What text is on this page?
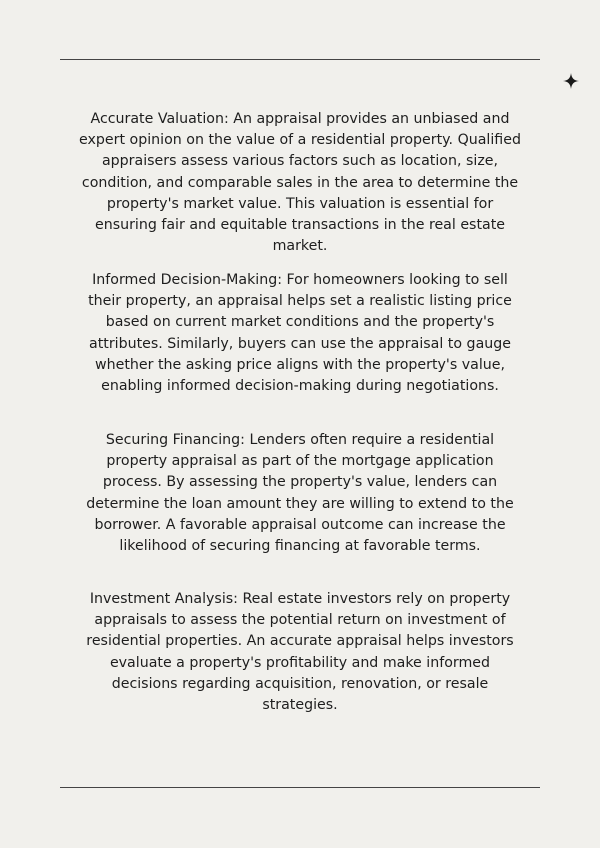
Accurate Valuation: An appraisal provides an unbiased and
expert opinion on the value of a residential property. Qualified
appraisers assess various factors such as location, size,
condition, and comparable sales in the area to determine the
property's market value. This valuation is essential for
ensuring fair and equitable transactions in the real estate
market.

Informed Decision-Making: For homeowners looking to sell
their property, an appraisal helps set a realistic listing price
based on current market conditions and the property's
attributes. Similarly, buyers can use the appraisal to gauge
whether the asking price aligns with the property's value,
enabling informed decision-making during negotiations.

Securing Financing: Lenders often require a residential
property appraisal as part of the mortgage application
process. By assessing the property's value, lenders can
determine the loan amount they are willing to extend to the
borrower. A favorable appraisal outcome can increase the
likelihood of securing financing at favorable terms.

Investment Analysis: Real estate investors rely on property
appraisals to assess the potential return on investment of
residential properties. An accurate appraisal helps investors
evaluate a property's profitability and make informed
decisions regarding acquisition, renovation, or resale
strategies.
